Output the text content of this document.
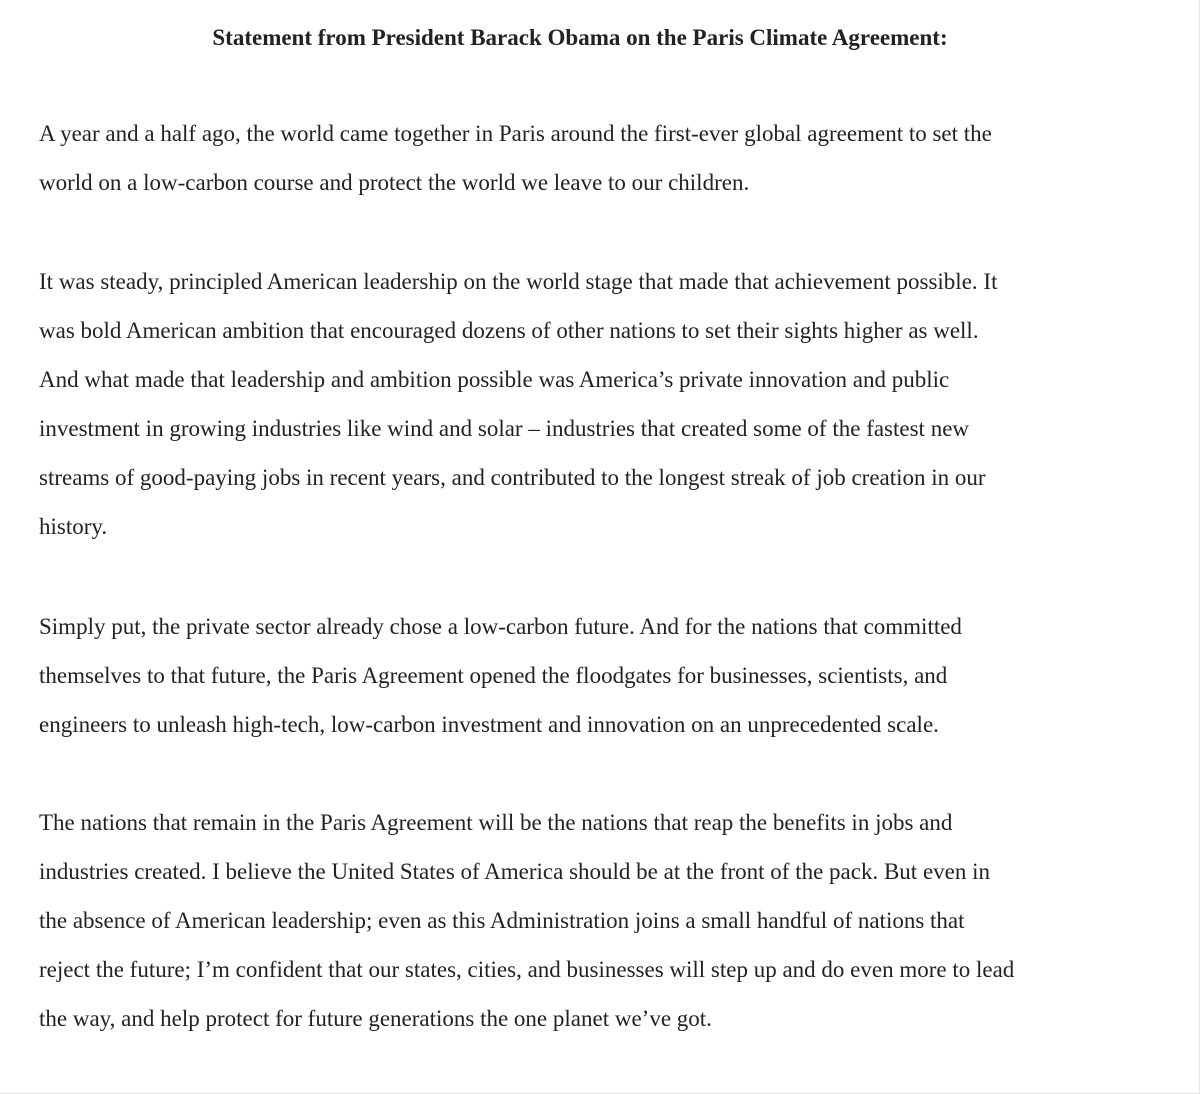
Statement from President Barack Obama on the Paris Climate Agreement:

A year and a half ago, the world came together in Paris around the first-ever global agreement to set the
world on a low-carbon course and protect the world we leave to our children.

It was steady, principled American leadership on the world stage that made that achievement possible. It
was bold American ambition that encouraged dozens of other nations to set their sights higher as well.
And what made that leadership and ambition possible was America’s private innovation and public
investment in growing industries like wind and solar – industries that created some of the fastest new
streams of good-paying jobs in recent years, and contributed to the longest streak of job creation in our
history.

Simply put, the private sector already chose a low-carbon future. And for the nations that committed
themselves to that future, the Paris Agreement opened the floodgates for businesses, scientists, and
engineers to unleash high-tech, low-carbon investment and innovation on an unprecedented scale.

The nations that remain in the Paris Agreement will be the nations that reap the benefits in jobs and
industries created. I believe the United States of America should be at the front of the pack. But even in
the absence of American leadership; even as this Administration joins a small handful of nations that
reject the future; I’m confident that our states, cities, and businesses will step up and do even more to lead
the way, and help protect for future generations the one planet we’ve got.
